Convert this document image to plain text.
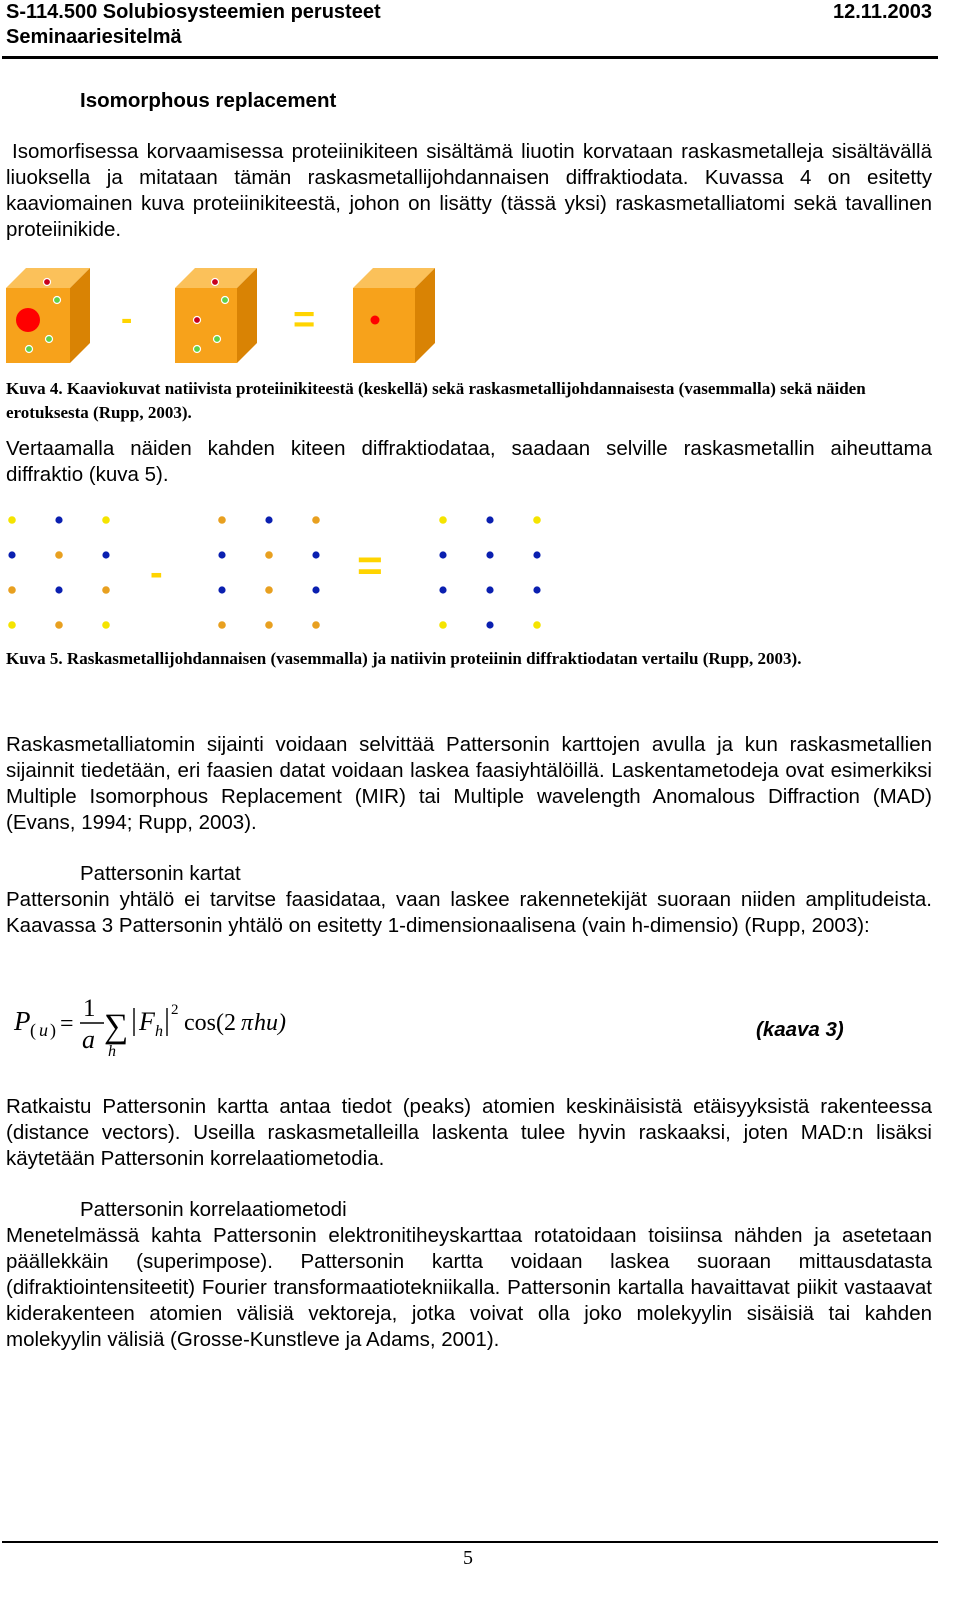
S-114.500 Solubiosysteemien perusteet	12.11.2003
Seminaariesitelmä
Isomorphous replacement
Isomorfisessa korvaamisessa proteiinikiteen sisältämä liuotin korvataan raskasmetalleja sisältävällä liuoksella ja mitataan tämän raskasmetallijohdannaisen diffraktiodata. Kuvassa 4 on esitetty kaaviomainen kuva proteiinikiteestä, johon on lisätty (tässä yksi) raskasmetalliatomi sekä tavallinen proteiinikide.
-	=
Kuva 4. Kaaviokuvat natiivista proteiinikiteestä (keskellä) sekä raskasmetallijohdannaisesta (vasemmalla) sekä näiden erotuksesta (Rupp, 2003).
Vertaamalla näiden kahden kiteen diffraktiodataa, saadaan selville raskasmetallin aiheuttama diffraktio (kuva 5).
-	=
Kuva 5. Raskasmetallijohdannaisen (vasemmalla) ja natiivin proteiinin diffraktiodatan vertailu (Rupp, 2003).
Raskasmetalliatomin sijainti voidaan selvittää Pattersonin karttojen avulla ja kun raskasmetallien sijainnit tiedetään, eri faasien datat voidaan laskea faasiyhtälöillä. Laskentametodeja ovat esimerkiksi Multiple Isomorphous Replacement (MIR) tai Multiple wavelength Anomalous Diffraction (MAD) (Evans, 1994; Rupp, 2003).
Pattersonin kartat
Pattersonin yhtälö ei tarvitse faasidataa, vaan laskee rakennetekijät suoraan niiden amplitudeista. Kaavassa 3 Pattersonin yhtälö on esitetty 1-dimensionaalisena (vain h-dimensio) (Rupp, 2003):
P ( u ) =
1
a ∑
h
F h
2 cos(2 π hu)	(kaava 3)
Ratkaistu Pattersonin kartta antaa tiedot (peaks) atomien keskinäisistä etäisyyksistä rakenteessa (distance vectors). Useilla raskasmetalleilla laskenta tulee hyvin raskaaksi, joten MAD:n lisäksi käytetään Pattersonin korrelaatiometodia.
Pattersonin korrelaatiometodi
Menetelmässä kahta Pattersonin elektronitiheyskarttaa rotatoidaan toisiinsa nähden ja asetetaan päällekkäin (superimpose). Pattersonin kartta voidaan laskea suoraan mittausdatasta (difraktiointensiteetit) Fourier transformaatiotekniikalla. Pattersonin kartalla havaittavat piikit vastaavat kiderakenteen atomien välisiä vektoreja, jotka voivat olla joko molekyylin sisäisiä tai kahden molekyylin välisiä (Grosse-Kunstleve ja Adams, 2001).
5
